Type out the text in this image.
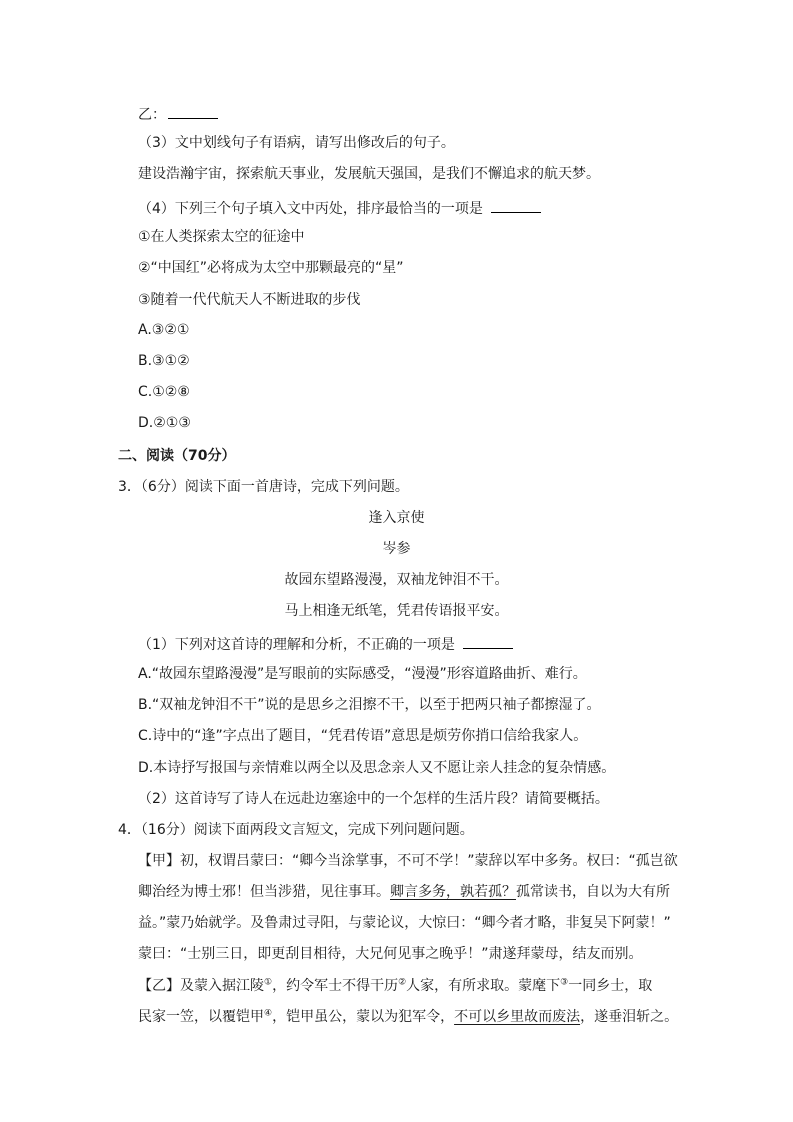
乙：
（3）文中划线句子有语病，请写出修改后的句子。
建设浩瀚宇宙，探索航天事业，发展航天强国，是我们不懈追求的航天梦。
（4）下列三个句子填入文中丙处，排序最恰当的一项是
①在人类探索太空的征途中
②“中国红”必将成为太空中那颗最亮的“星”
③随着一代代航天人不断进取的步伐
A.③②①
B.③①②
C.①②⑧
D.②①③
二、阅读（70分）
3．（6分）阅读下面一首唐诗，完成下列问题。
逢入京使
岑参
故园东望路漫漫，双袖龙钟泪不干。
马上相逢无纸笔，凭君传语报平安。
（1）下列对这首诗的理解和分析，不正确的一项是
A.“故园东望路漫漫”是写眼前的实际感受，“漫漫”形容道路曲折、难行。
B.“双袖龙钟泪不干”说的是思乡之泪擦不干，以至于把两只袖子都擦湿了。
C.诗中的“逢”字点出了题目，“凭君传语”意思是烦劳你捎口信给我家人。
D.本诗抒写报国与亲情难以两全以及思念亲人又不愿让亲人挂念的复杂情感。
（2）这首诗写了诗人在远赴边塞途中的一个怎样的生活片段？请简要概括。
4．（16分）阅读下面两段文言短文，完成下列问题问题。
【甲】初，权谓吕蒙曰：“卿今当涂掌事，不可不学！”蒙辞以军中多务。权曰：“孤岂欲
卿治经为博士邪！但当涉猎，见往事耳。卿言多务，孰若孤？孤常读书，自以为大有所
益。”蒙乃始就学。及鲁肃过寻阳，与蒙论议，大惊曰：“卿今者才略，非复吴下阿蒙！”
蒙曰：“士别三日，即更刮目相待，大兄何见事之晚乎！”肃遂拜蒙母，结友而别。
【乙】及蒙入据江陵①，约令军士不得干历②人家，有所求取。蒙麾下③一同乡士，取
民家一笠，以覆铠甲④，铠甲虽公，蒙以为犯军令，不可以乡里故而废法，遂垂泪斩之。
